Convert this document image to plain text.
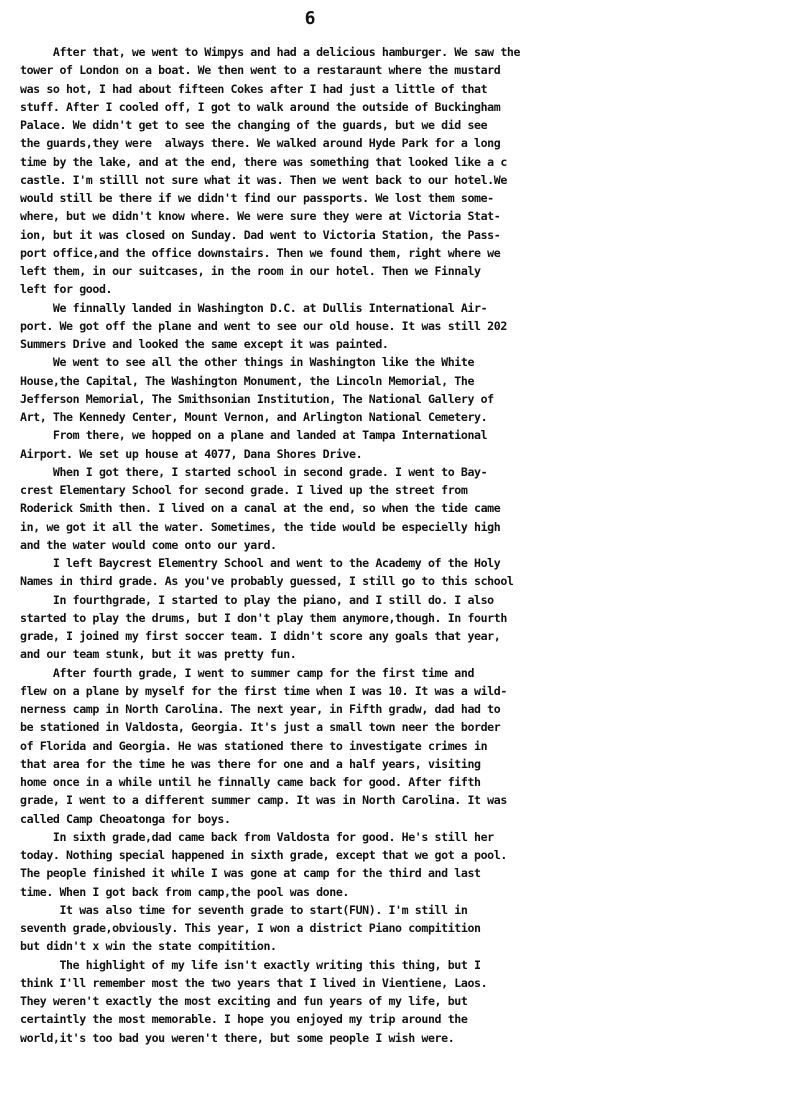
6
After that, we went to Wimpys and had a delicious hamburger. We saw the
tower of London on a boat. We then went to a restaraunt where the mustard
was so hot, I had about fifteen Cokes after I had just a little of that
stuff. After I cooled off, I got to walk around the outside of Buckingham
Palace. We didn't get to see the changing of the guards, but we did see
the guards,they were  always there. We walked around Hyde Park for a long
time by the lake, and at the end, there was something that looked like a c
castle. I'm stilll not sure what it was. Then we went back to our hotel.We
would still be there if we didn't find our passports. We lost them some-
where, but we didn't know where. We were sure they were at Victoria Stat-
ion, but it was closed on Sunday. Dad went to Victoria Station, the Pass-
port office,and the office downstairs. Then we found them, right where we
left them, in our suitcases, in the room in our hotel. Then we Finnaly
left for good.
We finnally landed in Washington D.C. at Dullis International Air-
port. We got off the plane and went to see our old house. It was still 202
Summers Drive and looked the same except it was painted.
We went to see all the other things in Washington like the White
House,the Capital, The Washington Monument, the Lincoln Memorial, The
Jefferson Memorial, The Smithsonian Institution, The National Gallery of
Art, The Kennedy Center, Mount Vernon, and Arlington National Cemetery.
From there, we hopped on a plane and landed at Tampa International
Airport. We set up house at 4077, Dana Shores Drive.
When I got there, I started school in second grade. I went to Bay-
crest Elementary School for second grade. I lived up the street from
Roderick Smith then. I lived on a canal at the end, so when the tide came
in, we got it all the water. Sometimes, the tide would be especielly high
and the water would come onto our yard.
I left Baycrest Elementry School and went to the Academy of the Holy
Names in third grade. As you've probably guessed, I still go to this school
In fourthgrade, I started to play the piano, and I still do. I also
started to play the drums, but I don't play them anymore,though. In fourth
grade, I joined my first soccer team. I didn't score any goals that year,
and our team stunk, but it was pretty fun.
After fourth grade, I went to summer camp for the first time and
flew on a plane by myself for the first time when I was 10. It was a wild-
nerness camp in North Carolina. The next year, in Fifth gradw, dad had to
be stationed in Valdosta, Georgia. It's just a small town neer the border
of Florida and Georgia. He was stationed there to investigate crimes in
that area for the time he was there for one and a half years, visiting
home once in a while until he finnally came back for good. After fifth
grade, I went to a different summer camp. It was in North Carolina. It was
called Camp Cheoatonga for boys.
In sixth grade,dad came back from Valdosta for good. He's still her
today. Nothing special happened in sixth grade, except that we got a pool.
The people finished it while I was gone at camp for the third and last
time. When I got back from camp,the pool was done.
It was also time for seventh grade to start(FUN). I'm still in
seventh grade,obviously. This year, I won a district Piano compitition
but didn't x win the state compitition.
The highlight of my life isn't exactly writing this thing, but I
think I'll remember most the two years that I lived in Vientiene, Laos.
They weren't exactly the most exciting and fun years of my life, but
certaintly the most memorable. I hope you enjoyed my trip around the
world,it's too bad you weren't there, but some people I wish were.
